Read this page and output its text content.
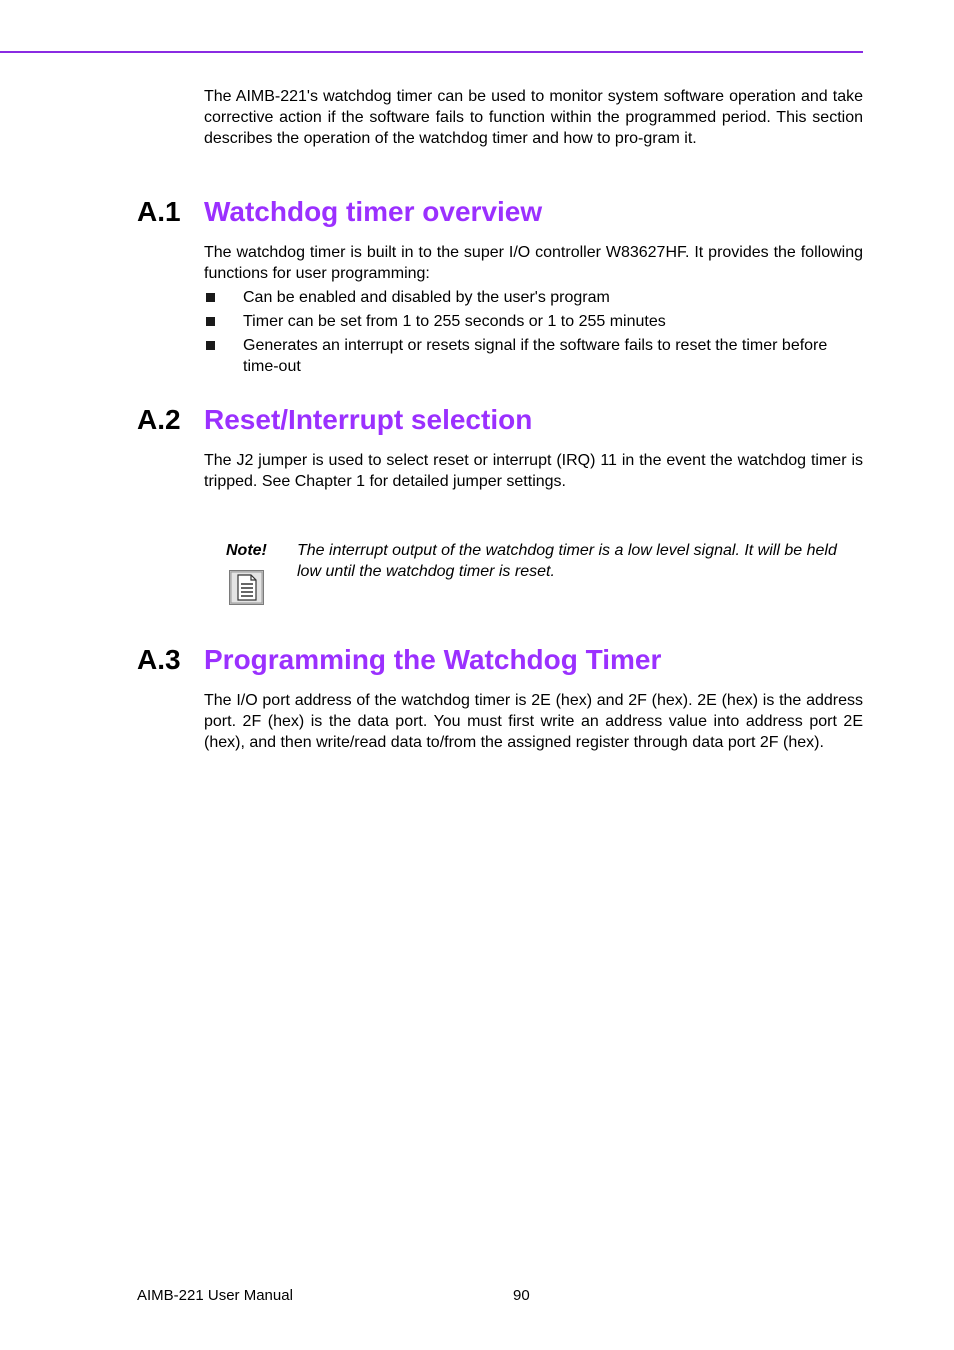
The AIMB-221's watchdog timer can be used to monitor system software operation and take corrective action if the software fails to function within the programmed period. This section describes the operation of the watchdog timer and how to pro-gram it.

A.1 Watchdog timer overview

The watchdog timer is built in to the super I/O controller W83627HF. It provides the following functions for user programming:

Can be enabled and disabled by the user's program
Timer can be set from 1 to 255 seconds or 1 to 255 minutes
Generates an interrupt or resets signal if the software fails to reset the timer before time-out
A.2 Reset/Interrupt selection

The J2 jumper is used to select reset or interrupt (IRQ) 11 in the event the watchdog timer is tripped. See Chapter 1 for detailed jumper settings.

Note! The interrupt output of the watchdog timer is a low level signal. It will be held low until the watchdog timer is reset.

A.3 Programming the Watchdog Timer

The I/O port address of the watchdog timer is 2E (hex) and 2F (hex). 2E (hex) is the address port. 2F (hex) is the data port. You must first write an address value into address port 2E (hex), and then write/read data to/from the assigned register through data port 2F (hex).

AIMB-221 User Manual	90
